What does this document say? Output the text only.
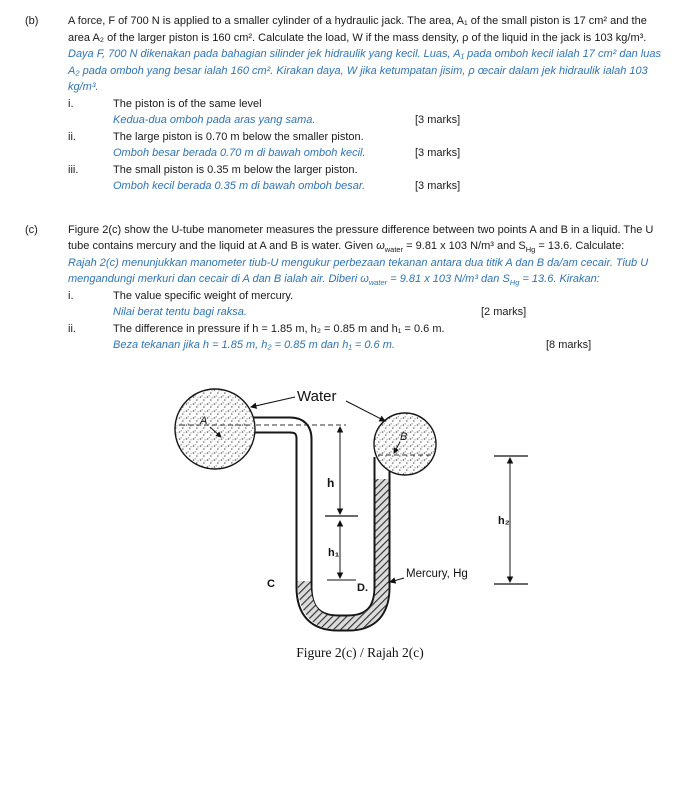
(b)	A force, F of 700 N is applied to a smaller cylinder of a hydraulic jack. The area, A₁ of the small piston is 17 cm² and the area A₂ of the larger piston is 160 cm². Calculate the load, W if the mass density, ρ of the liquid in the jack is 103 kg/m³.

Daya F, 700 N dikenakan pada bahagian silinder jek hidraulik yang kecil. Luas, A₁ pada omboh kecil ialah 17 cm² dan luas A₂ pada omboh yang besar ialah 160 cm². Kirakan daya, W jika ketumpatan jisim, ρ œcair dalam jek hidraulik ialah 103 kg/m³.

i.	The piston is of the same level
Kedua-dua omboh pada aras yang sama.	[3 marks]
ii.	The large piston is 0.70 m below the smaller piston.
Omboh besar berada 0.70 m di bawah omboh kecil.	[3 marks]
iii.	The small piston is 0.35 m below the larger piston.
Omboh kecil berada 0.35 m di bawah omboh besar.	[3 marks]
(c)	Figure 2(c) show the U-tube manometer measures the pressure difference between two points A and B in a liquid. The U tube contains mercury and the liquid at A and B is water. Given $\omega_{water} = 9.81$ x 103 N/m³ and $S_{Hg} = 13.6$. Calculate:

Rajah 2(c) menunjukkan manometer tiub-U mengukur perbezaan tekanan antara dua titik A dan B da/am cecair. Tiub U mengandungi merkuri dan cecair di A dan B ialah air. Diberi $\omega_{water} = 9.81$ x 103 N/m³ dan $S_{Hg} = 13.6$. Kirakan:

i.	The value specific weight of mercury.
Nilai berat tentu bagi raksa.	[2 marks]
ii.	The difference in pressure if h = 1.85 m, h₂ = 0.85 m and h₁ = 0.6 m.
Beza tekanan jika h = 1.85 m, h₂ = 0.85 m dan h₁ = 0.6 m.	[8 marks]
A
B
Water
h
h₁
h₂
Mercury, Hg
C	D.
Figure 2(c) / Rajah 2(c)
